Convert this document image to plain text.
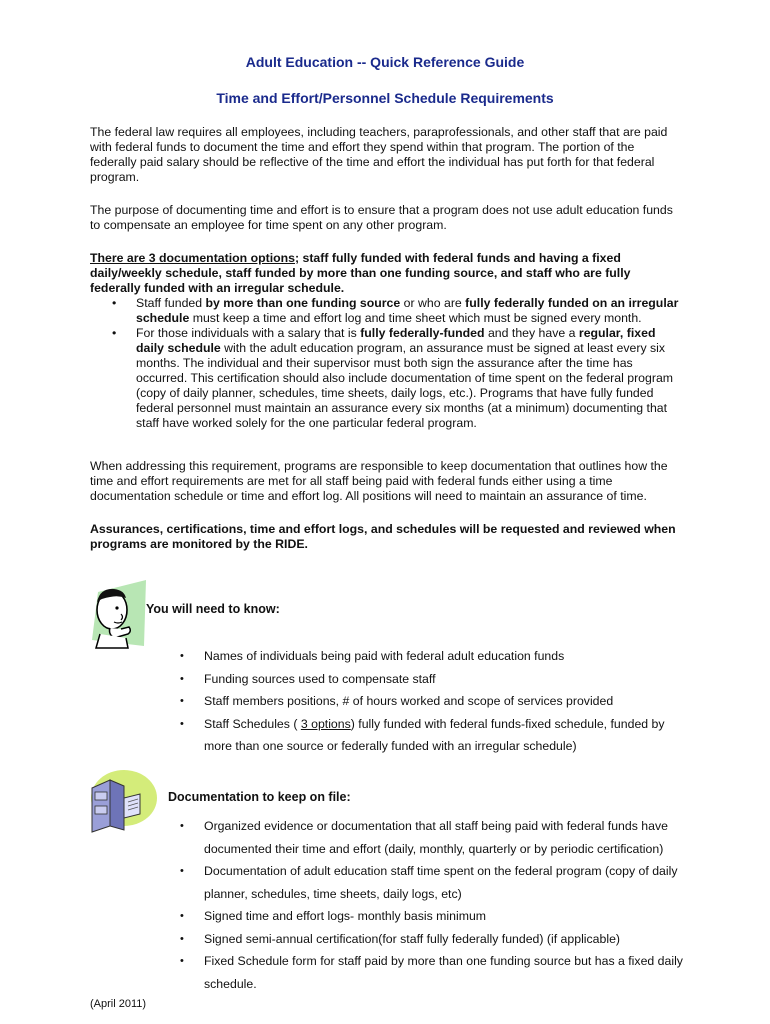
Adult Education -- Quick Reference Guide
Time and Effort/Personnel Schedule Requirements

The federal law requires all employees, including teachers, paraprofessionals, and other staff that are paid with federal funds to document the time and effort they spend within that program. The portion of the federally paid salary should be reflective of the time and effort the individual has put forth for that federal program.

The purpose of documenting time and effort is to ensure that a program does not use adult education funds to compensate an employee for time spent on any other program.

There are 3 documentation options; staff fully funded with federal funds and having a fixed daily/weekly schedule, staff funded by more than one funding source, and staff who are fully federally funded with an irregular schedule.

• Staff funded by more than one funding source or who are fully federally funded on an irregular schedule must keep a time and effort log and time sheet which must be signed every month.
• For those individuals with a salary that is fully federally-funded and they have a regular, fixed daily schedule with the adult education program, an assurance must be signed at least every six months. The individual and their supervisor must both sign the assurance after the time has occurred. This certification should also include documentation of time spent on the federal program (copy of daily planner, schedules, time sheets, daily logs, etc.). Programs that have fully funded federal personnel must maintain an assurance every six months (at a minimum) documenting that staff have worked solely for the one particular federal program.

When addressing this requirement, programs are responsible to keep documentation that outlines how the time and effort requirements are met for all staff being paid with federal funds either using a time documentation schedule or time and effort log. All positions will need to maintain an assurance of time.

Assurances, certifications, time and effort logs, and schedules will be requested and reviewed when programs are monitored by the RIDE.

You will need to know:
• Names of individuals being paid with federal adult education funds
• Funding sources used to compensate staff
• Staff members positions, # of hours worked and scope of services provided
• Staff Schedules ( 3 options) fully funded with federal funds-fixed schedule, funded by more than one source or federally funded with an irregular schedule)
Documentation to keep on file:
• Organized evidence or documentation that all staff being paid with federal funds have documented their time and effort (daily, monthly, quarterly or by periodic certification)
• Documentation of adult education staff time spent on the federal program (copy of daily planner, schedules, time sheets, daily logs, etc)
• Signed time and effort logs- monthly basis minimum
• Signed semi-annual certification(for staff fully federally funded) (if applicable)
• Fixed Schedule form for staff paid by more than one funding source but has a fixed daily schedule.
(April 2011)
